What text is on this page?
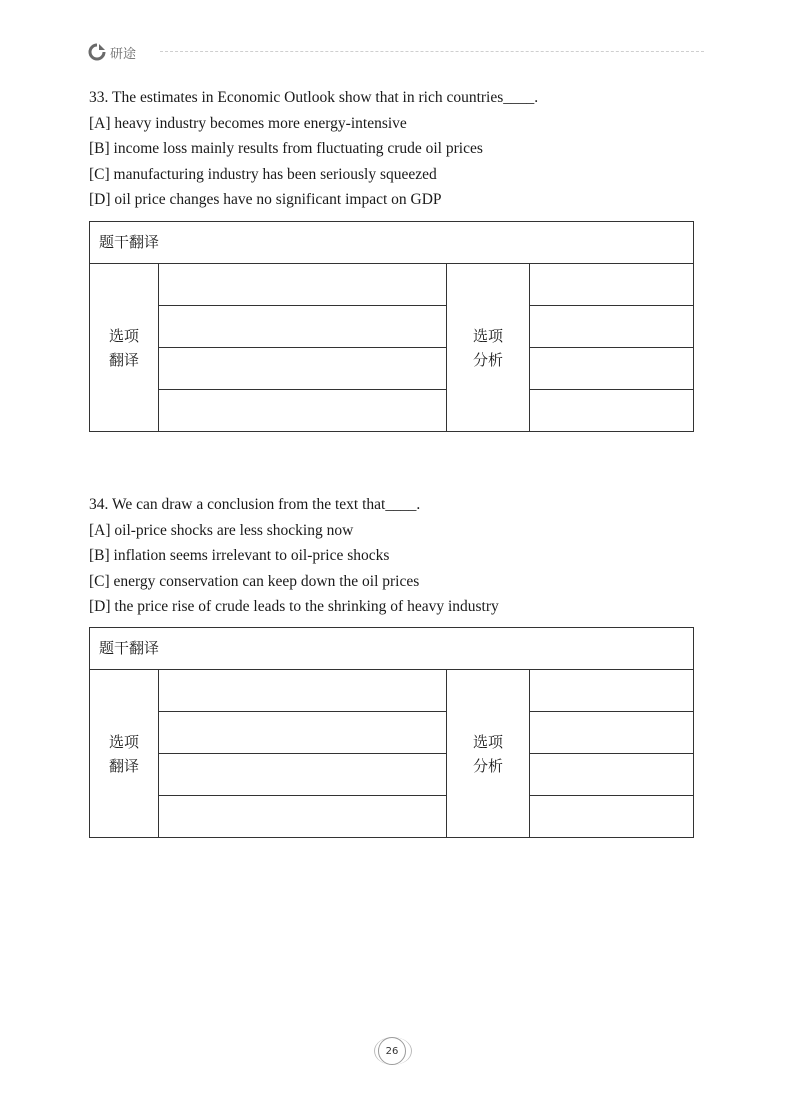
研途
33. The estimates in Economic Outlook show that in rich countries____.
[A] heavy industry becomes more energy-intensive
[B] income loss mainly results from fluctuating crude oil prices
[C] manufacturing industry has been seriously squeezed
[D] oil price changes have no significant impact on GDP
题干翻译
选项
翻译
选项
分析
34. We can draw a conclusion from the text that____.
[A] oil-price shocks are less shocking now
[B] inflation seems irrelevant to oil-price shocks
[C] energy conservation can keep down the oil prices
[D] the price rise of crude leads to the shrinking of heavy industry
题干翻译
选项
翻译
选项
分析
26
